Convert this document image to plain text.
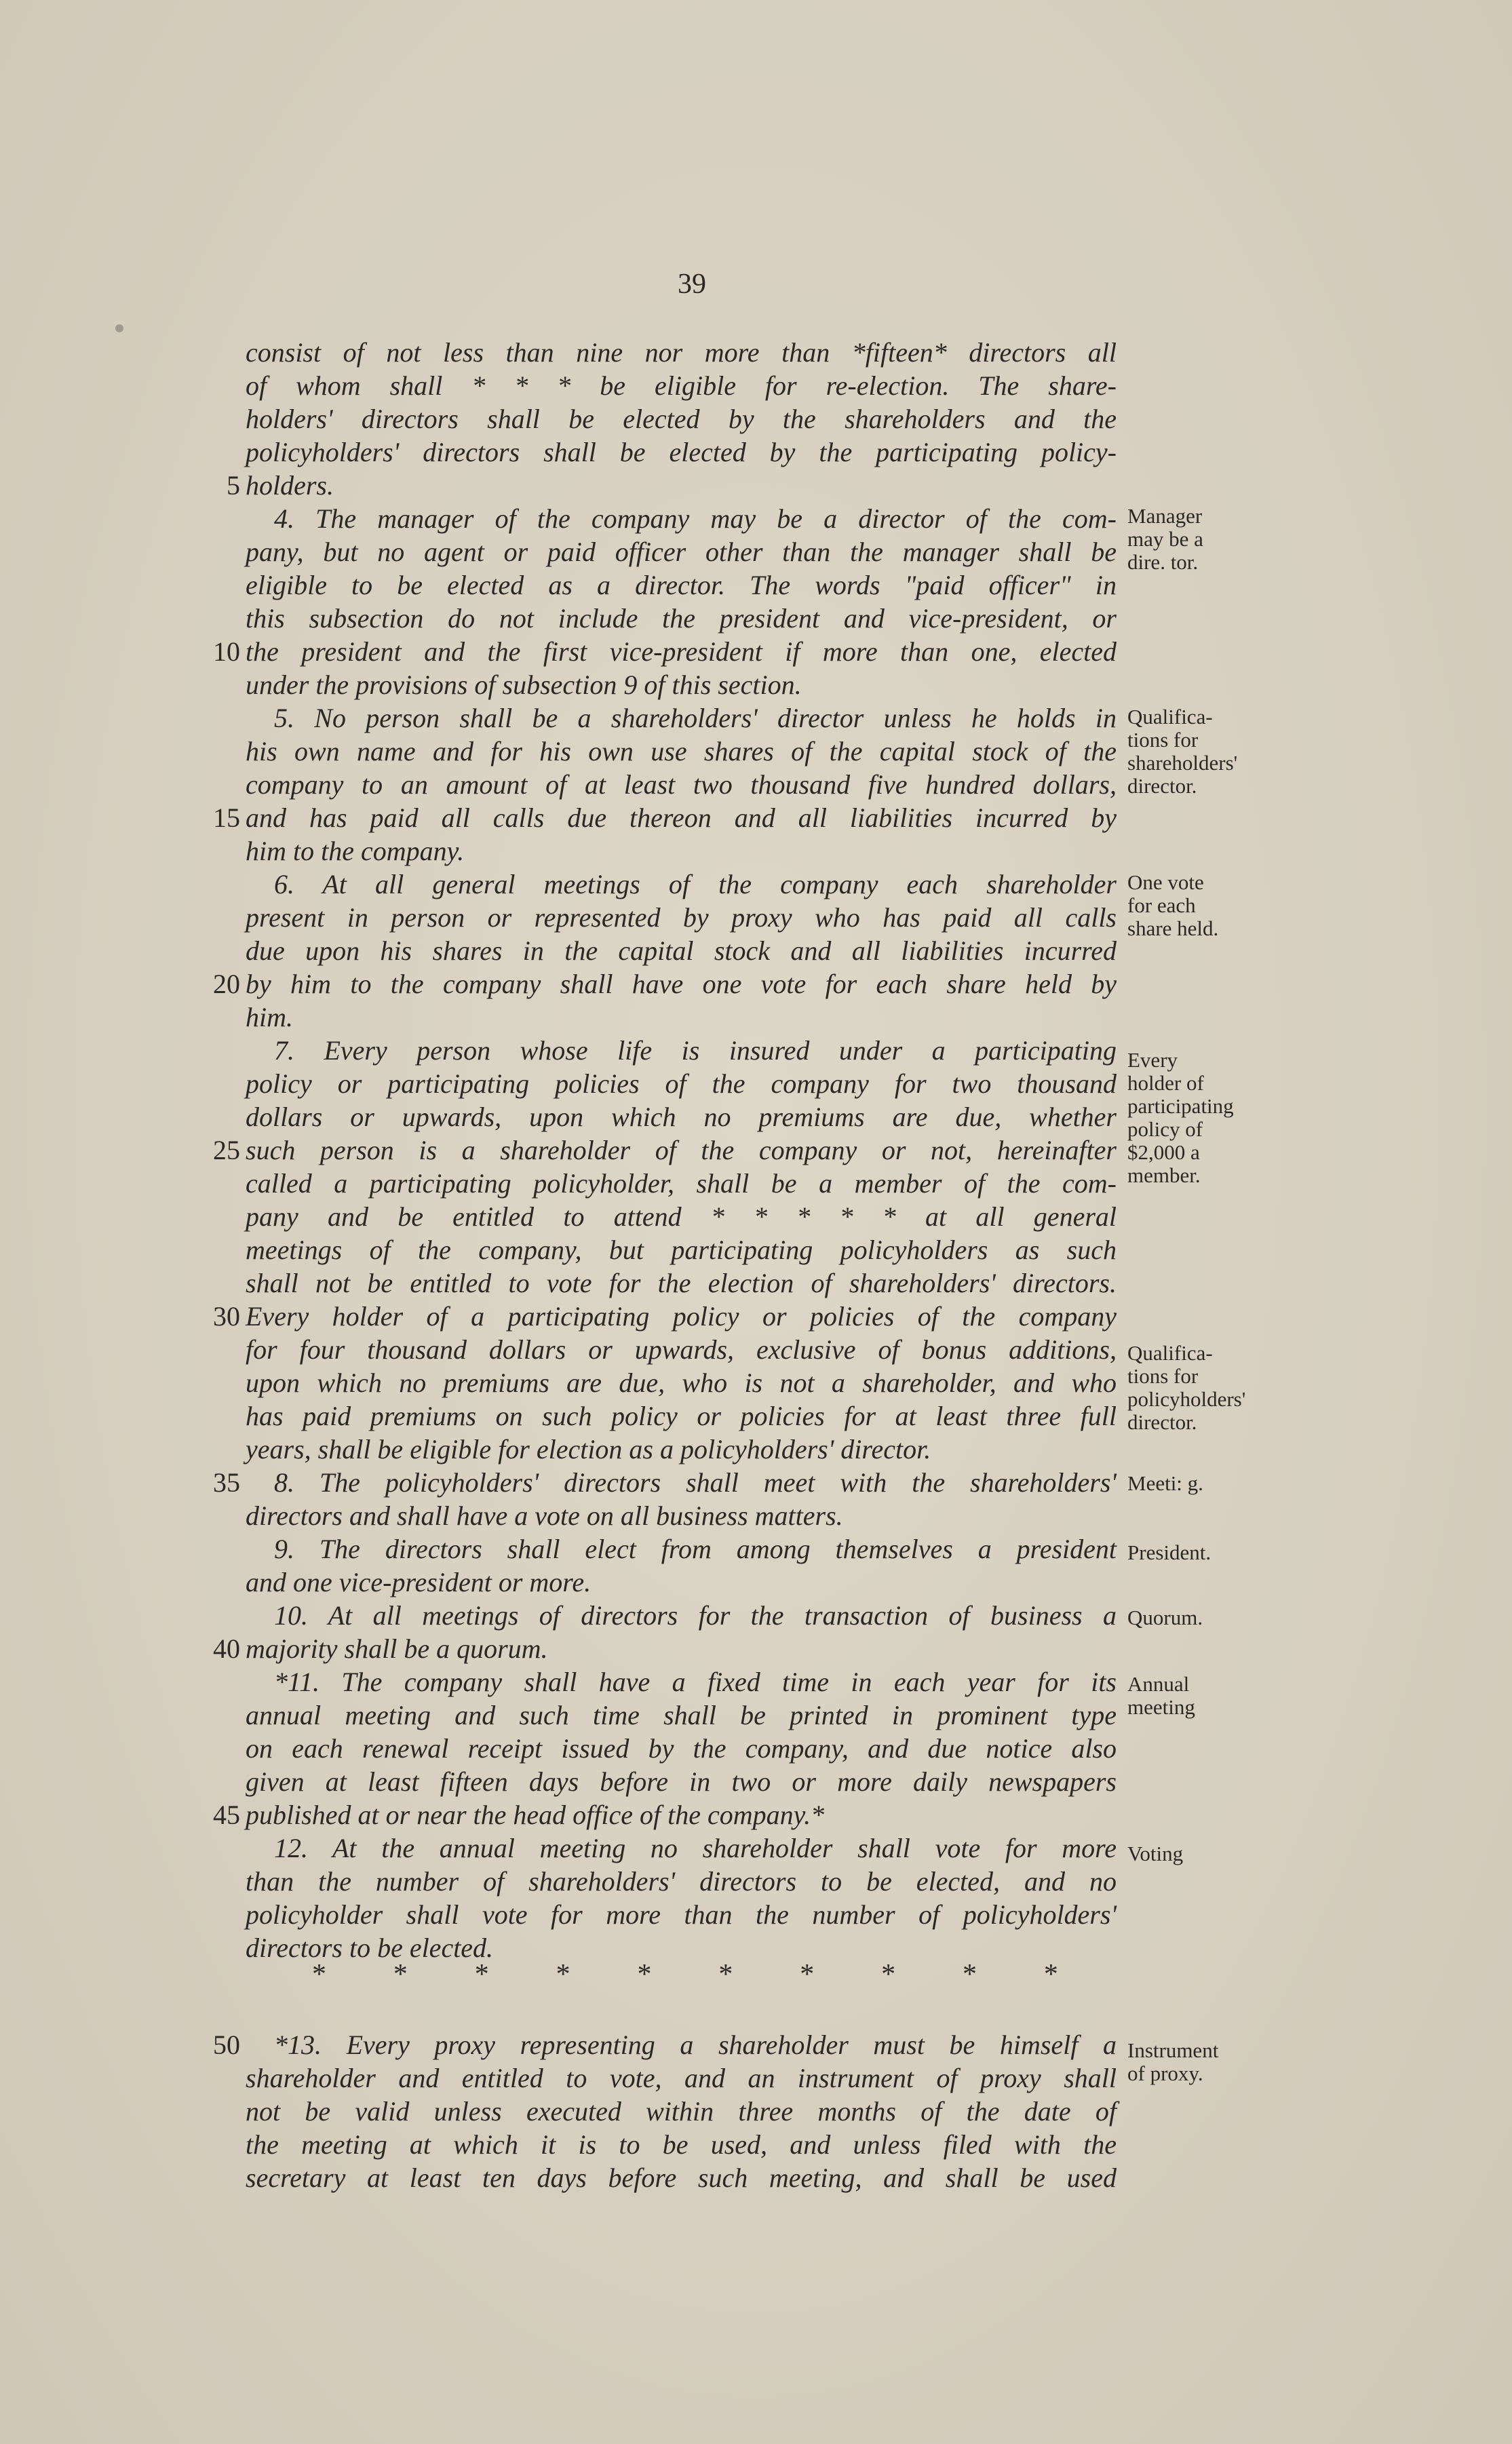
39
consist of not less than nine nor more than *fifteen* directors all
of whom shall * * * be eligible for re-election. The share-
holders' directors shall be elected by the shareholders and the
policyholders' directors shall be elected by the participating policy-
holders.
4. The manager of the company may be a director of the com-
pany, but no agent or paid officer other than the manager shall be
eligible to be elected as a director. The words "paid officer" in
this subsection do not include the president and vice-president, or
the president and the first vice-president if more than one, elected
under the provisions of subsection 9 of this section.
5. No person shall be a shareholders' director unless he holds in
his own name and for his own use shares of the capital stock of the
company to an amount of at least two thousand five hundred dollars,
and has paid all calls due thereon and all liabilities incurred by
him to the company.
6. At all general meetings of the company each shareholder
present in person or represented by proxy who has paid all calls
due upon his shares in the capital stock and all liabilities incurred
by him to the company shall have one vote for each share held by
him.
7. Every person whose life is insured under a participating
policy or participating policies of the company for two thousand
dollars or upwards, upon which no premiums are due, whether
such person is a shareholder of the company or not, hereinafter
called a participating policyholder, shall be a member of the com-
pany and be entitled to attend * * * * * at all general
meetings of the company, but participating policyholders as such
shall not be entitled to vote for the election of shareholders' directors.
Every holder of a participating policy or policies of the company
for four thousand dollars or upwards, exclusive of bonus additions,
upon which no premiums are due, who is not a shareholder, and who
has paid premiums on such policy or policies for at least three full
years, shall be eligible for election as a policyholders' director.
8. The policyholders' directors shall meet with the shareholders'
directors and shall have a vote on all business matters.
9. The directors shall elect from among themselves a president
and one vice-president or more.
10. At all meetings of directors for the transaction of business a
majority shall be a quorum.
*11. The company shall have a fixed time in each year for its
annual meeting and such time shall be printed in prominent type
on each renewal receipt issued by the company, and due notice also
given at least fifteen days before in two or more daily newspapers
published at or near the head office of the company.*
12. At the annual meeting no shareholder shall vote for more
than the number of shareholders' directors to be elected, and no
policyholder shall vote for more than the number of policyholders'
directors to be elected.
* * * * * * * * * *
*13. Every proxy representing a shareholder must be himself a
shareholder and entitled to vote, and an instrument of proxy shall
not be valid unless executed within three months of the date of
the meeting at which it is to be used, and unless filed with the
secretary at least ten days before such meeting, and shall be used
5
10
15
20
25
30
35
40
45
50
Manager
may be a
dire. tor.
Qualifica-
tions for
shareholders'
director.
One vote
for each
share held.
Every
holder of
participating
policy of
$2,000 a
member.
Qualifica-
tions for
policyholders'
director.
Meeti: g.
President.
Quorum.
Annual
meeting
Voting
Instrument
of proxy.
